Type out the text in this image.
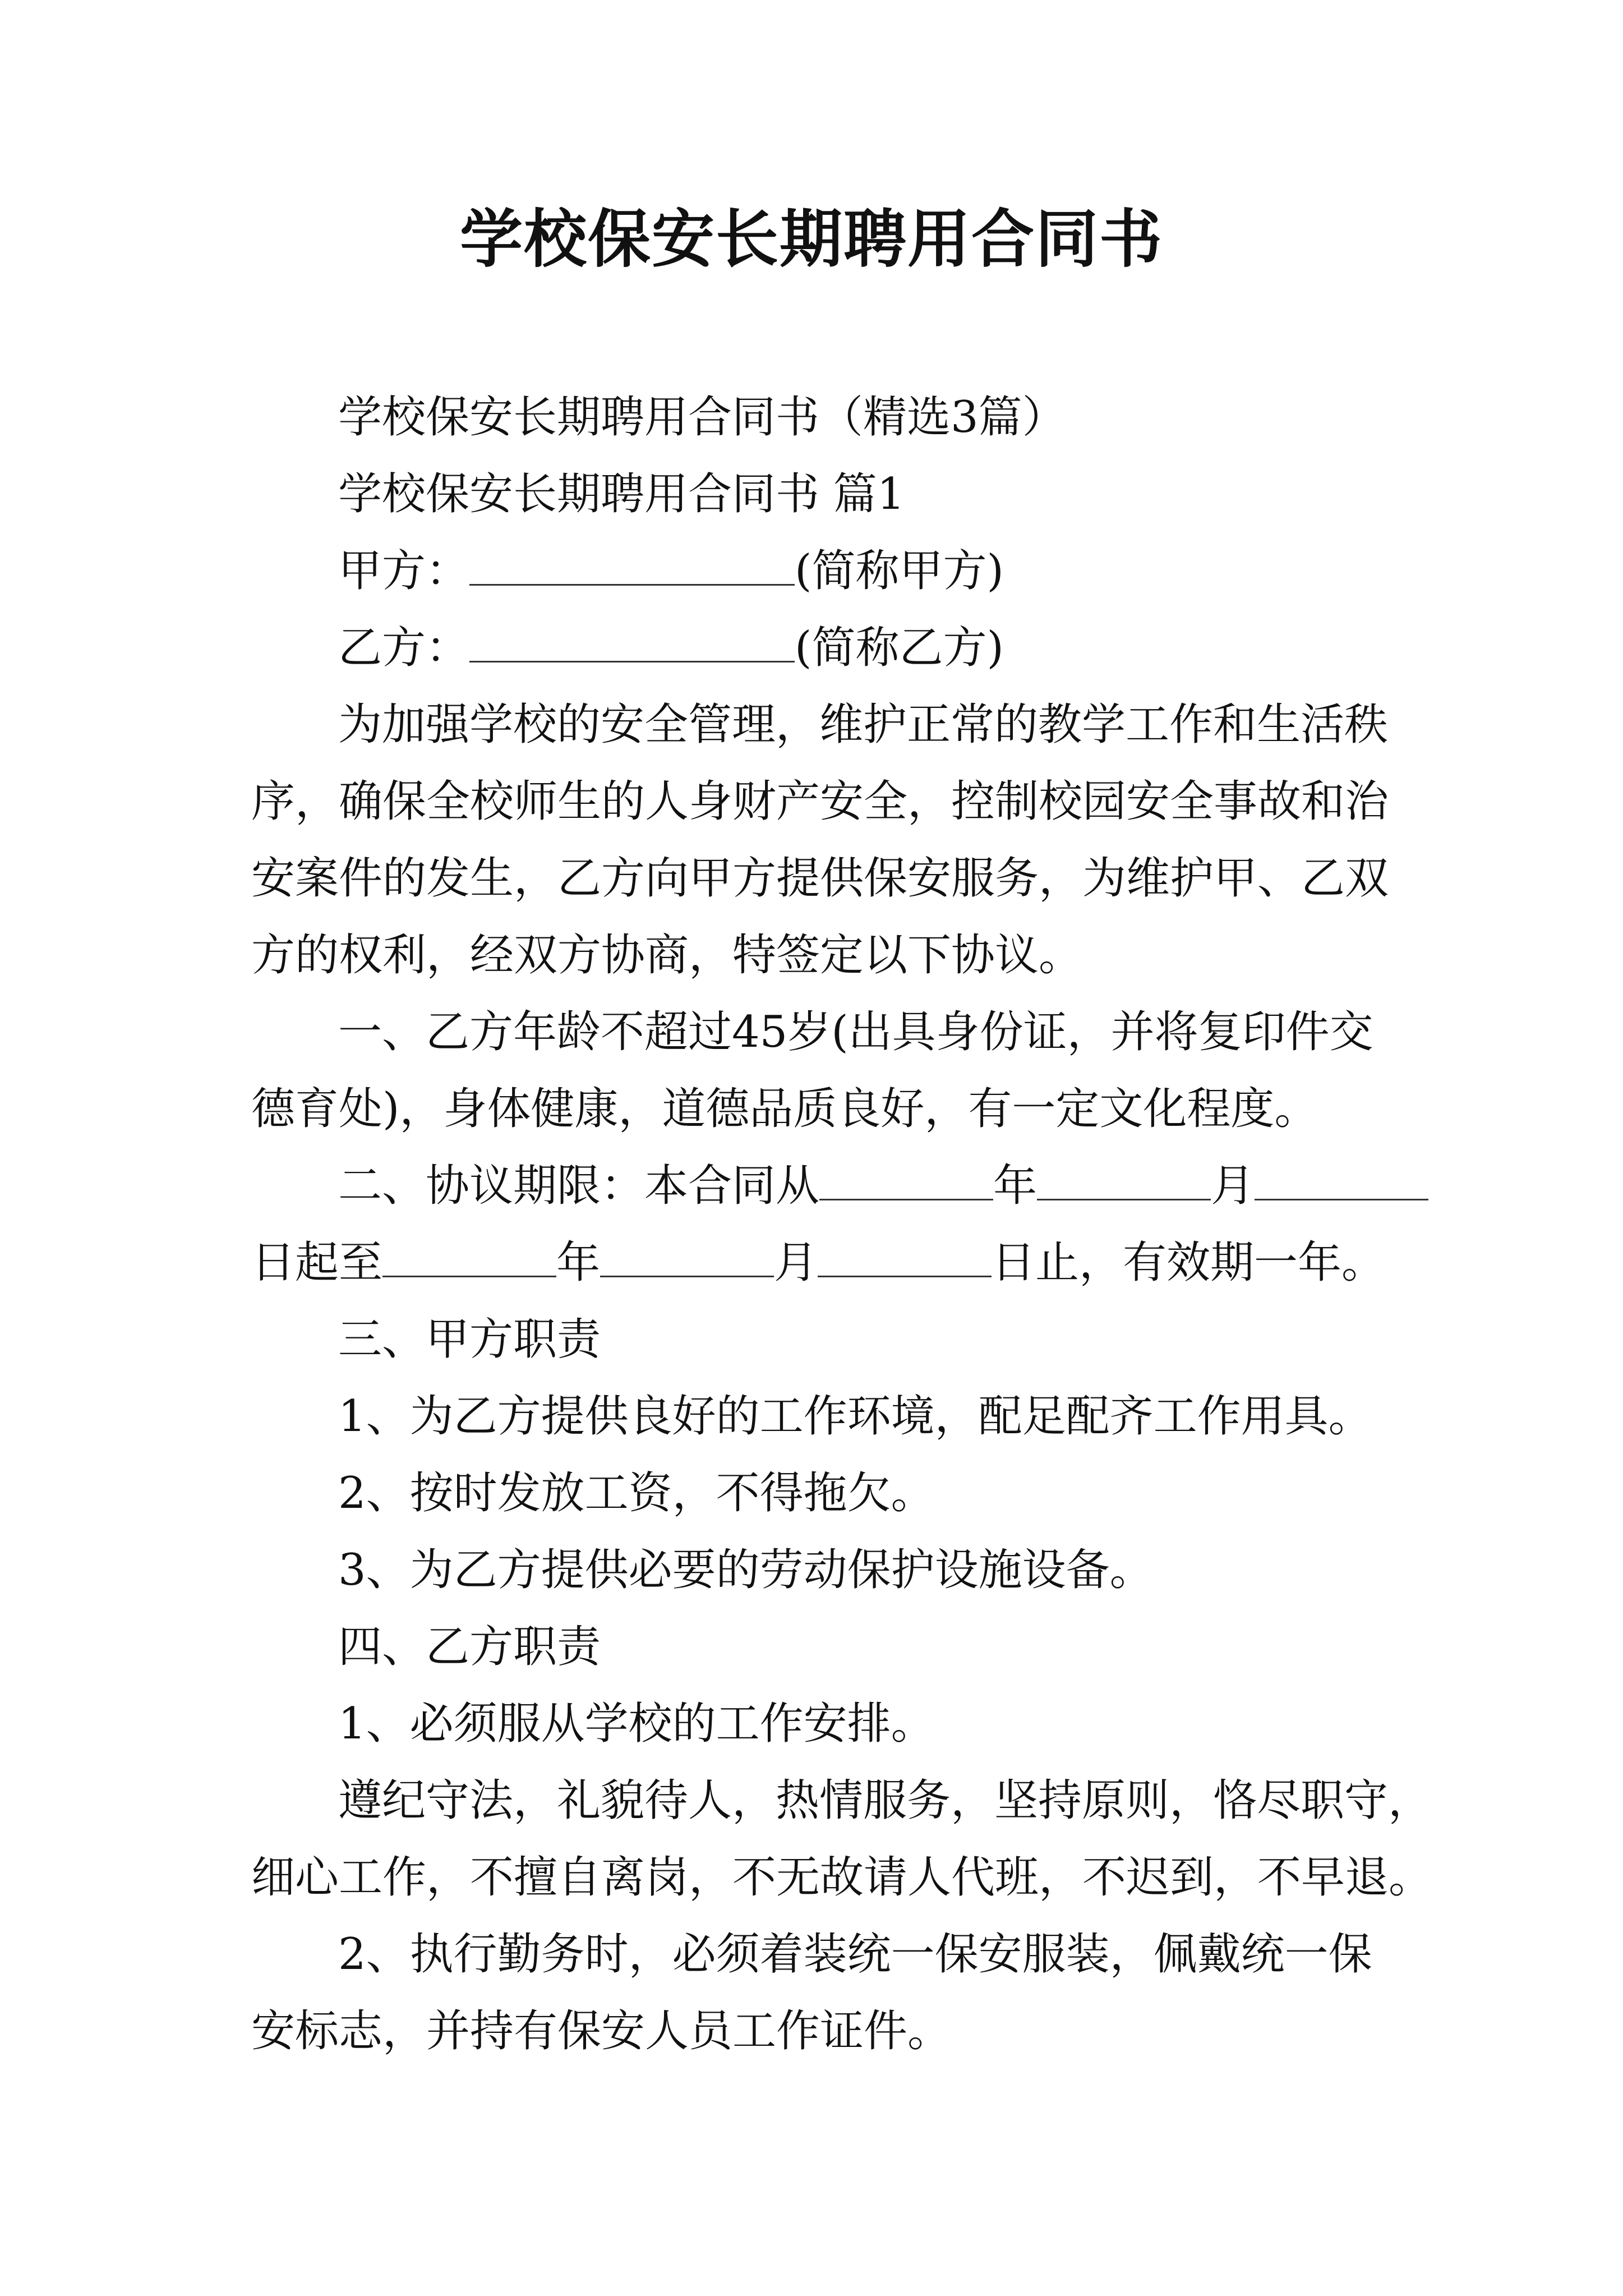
学校保安长期聘用合同书

学校保安长期聘用合同书（精选3篇）

学校保安长期聘用合同书 篇1

甲方：	(简称甲方)

乙方：	(简称乙方)

为加强学校的安全管理，维护正常的教学工作和生活秩

序，确保全校师生的人身财产安全，控制校园安全事故和治

安案件的发生，乙方向甲方提供保安服务，为维护甲、乙双

方的权利，经双方协商，特签定以下协议。

一、乙方年龄不超过45岁(出具身份证，并将复印件交

德育处)，身体健康，道德品质良好，有一定文化程度。

二、协议期限：本合同从	年	月

日起至	年	月	日止，有效期一年。

三、甲方职责

1、为乙方提供良好的工作环境，配足配齐工作用具。

2、按时发放工资，不得拖欠。

3、为乙方提供必要的劳动保护设施设备。

四、乙方职责

1、必须服从学校的工作安排。

遵纪守法，礼貌待人，热情服务，坚持原则，恪尽职守，

细心工作，不擅自离岗，不无故请人代班，不迟到，不早退。

2、执行勤务时，必须着装统一保安服装，佩戴统一保

安标志，并持有保安人员工作证件。
